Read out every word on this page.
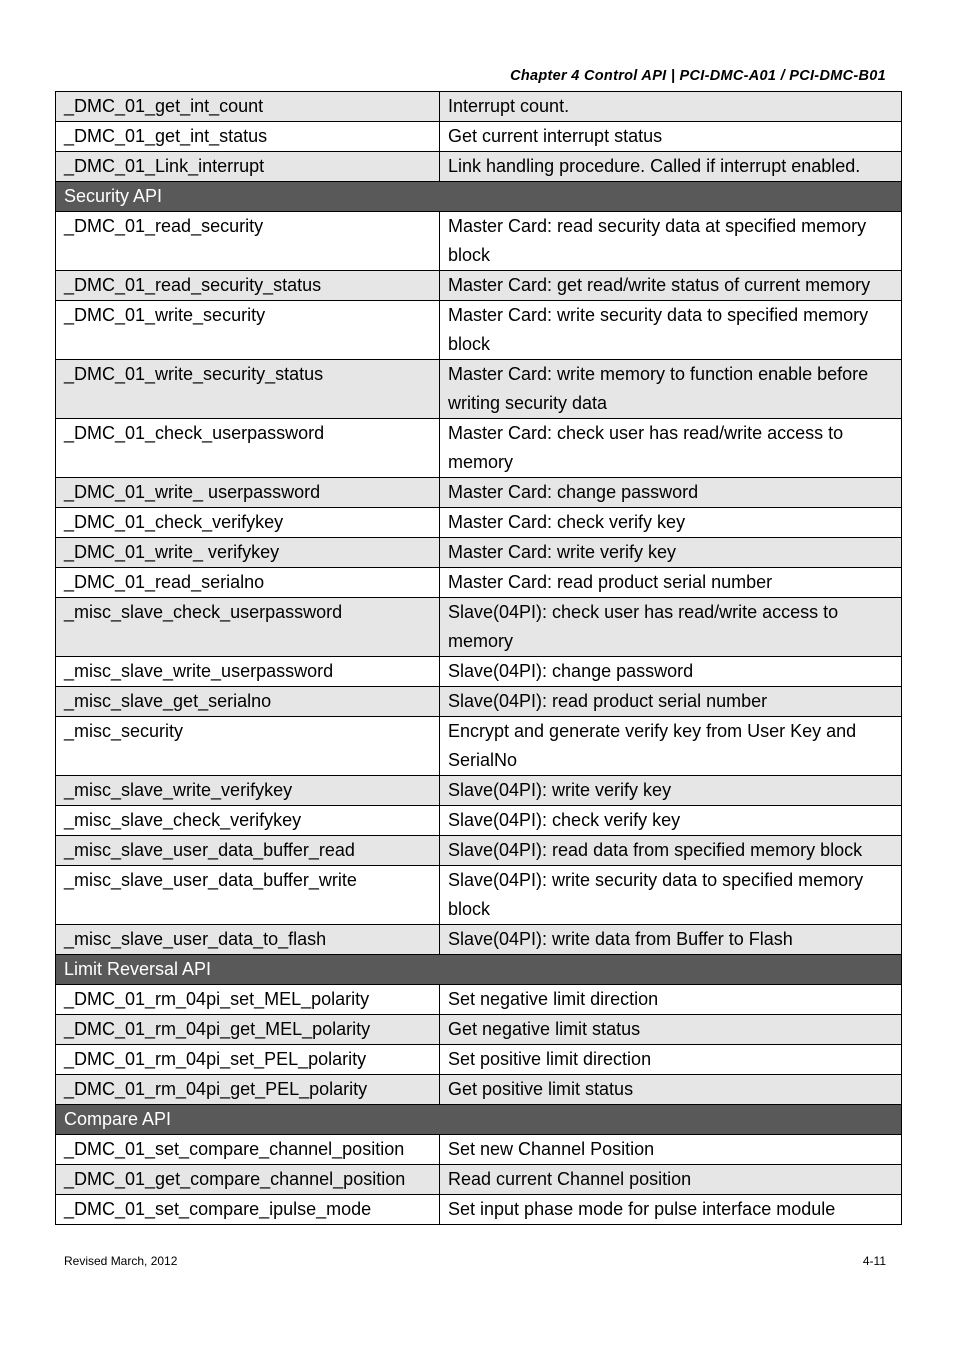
Chapter 4 Control API | PCI-DMC-A01 / PCI-DMC-B01
_DMC_01_get_int_count	Interrupt count.
_DMC_01_get_int_status	Get current interrupt status
_DMC_01_Link_interrupt	Link handling procedure. Called if interrupt enabled.
Security API	
_DMC_01_read_security	Master Card: read security data at specified memory block
_DMC_01_read_security_status	Master Card: get read/write status of current memory
_DMC_01_write_security	Master Card: write security data to specified memory block
_DMC_01_write_security_status	Master Card: write memory to function enable before writing security data
_DMC_01_check_userpassword	Master Card: check user has read/write access to memory
_DMC_01_write_ userpassword	Master Card: change password
_DMC_01_check_verifykey	Master Card: check verify key
_DMC_01_write_ verifykey	Master Card: write verify key
_DMC_01_read_serialno	Master Card: read product serial number
_misc_slave_check_userpassword	Slave(04PI): check user has read/write access to memory
_misc_slave_write_userpassword	Slave(04PI): change password
_misc_slave_get_serialno	Slave(04PI): read product serial number
_misc_security	Encrypt and generate verify key from User Key and SerialNo
_misc_slave_write_verifykey	Slave(04PI): write verify key
_misc_slave_check_verifykey	Slave(04PI): check verify key
_misc_slave_user_data_buffer_read	Slave(04PI): read data from specified memory block
_misc_slave_user_data_buffer_write	Slave(04PI): write security data to specified memory block
_misc_slave_user_data_to_flash	Slave(04PI): write data from Buffer to Flash
Limit Reversal API	
_DMC_01_rm_04pi_set_MEL_polarity	Set negative limit direction
_DMC_01_rm_04pi_get_MEL_polarity	Get negative limit status
_DMC_01_rm_04pi_set_PEL_polarity	Set positive limit direction
_DMC_01_rm_04pi_get_PEL_polarity	Get positive limit status
Compare API	
_DMC_01_set_compare_channel_position	Set new Channel Position
_DMC_01_get_compare_channel_position	Read current Channel position
_DMC_01_set_compare_ipulse_mode	Set input phase mode for pulse interface module
Revised March, 2012	4-11
